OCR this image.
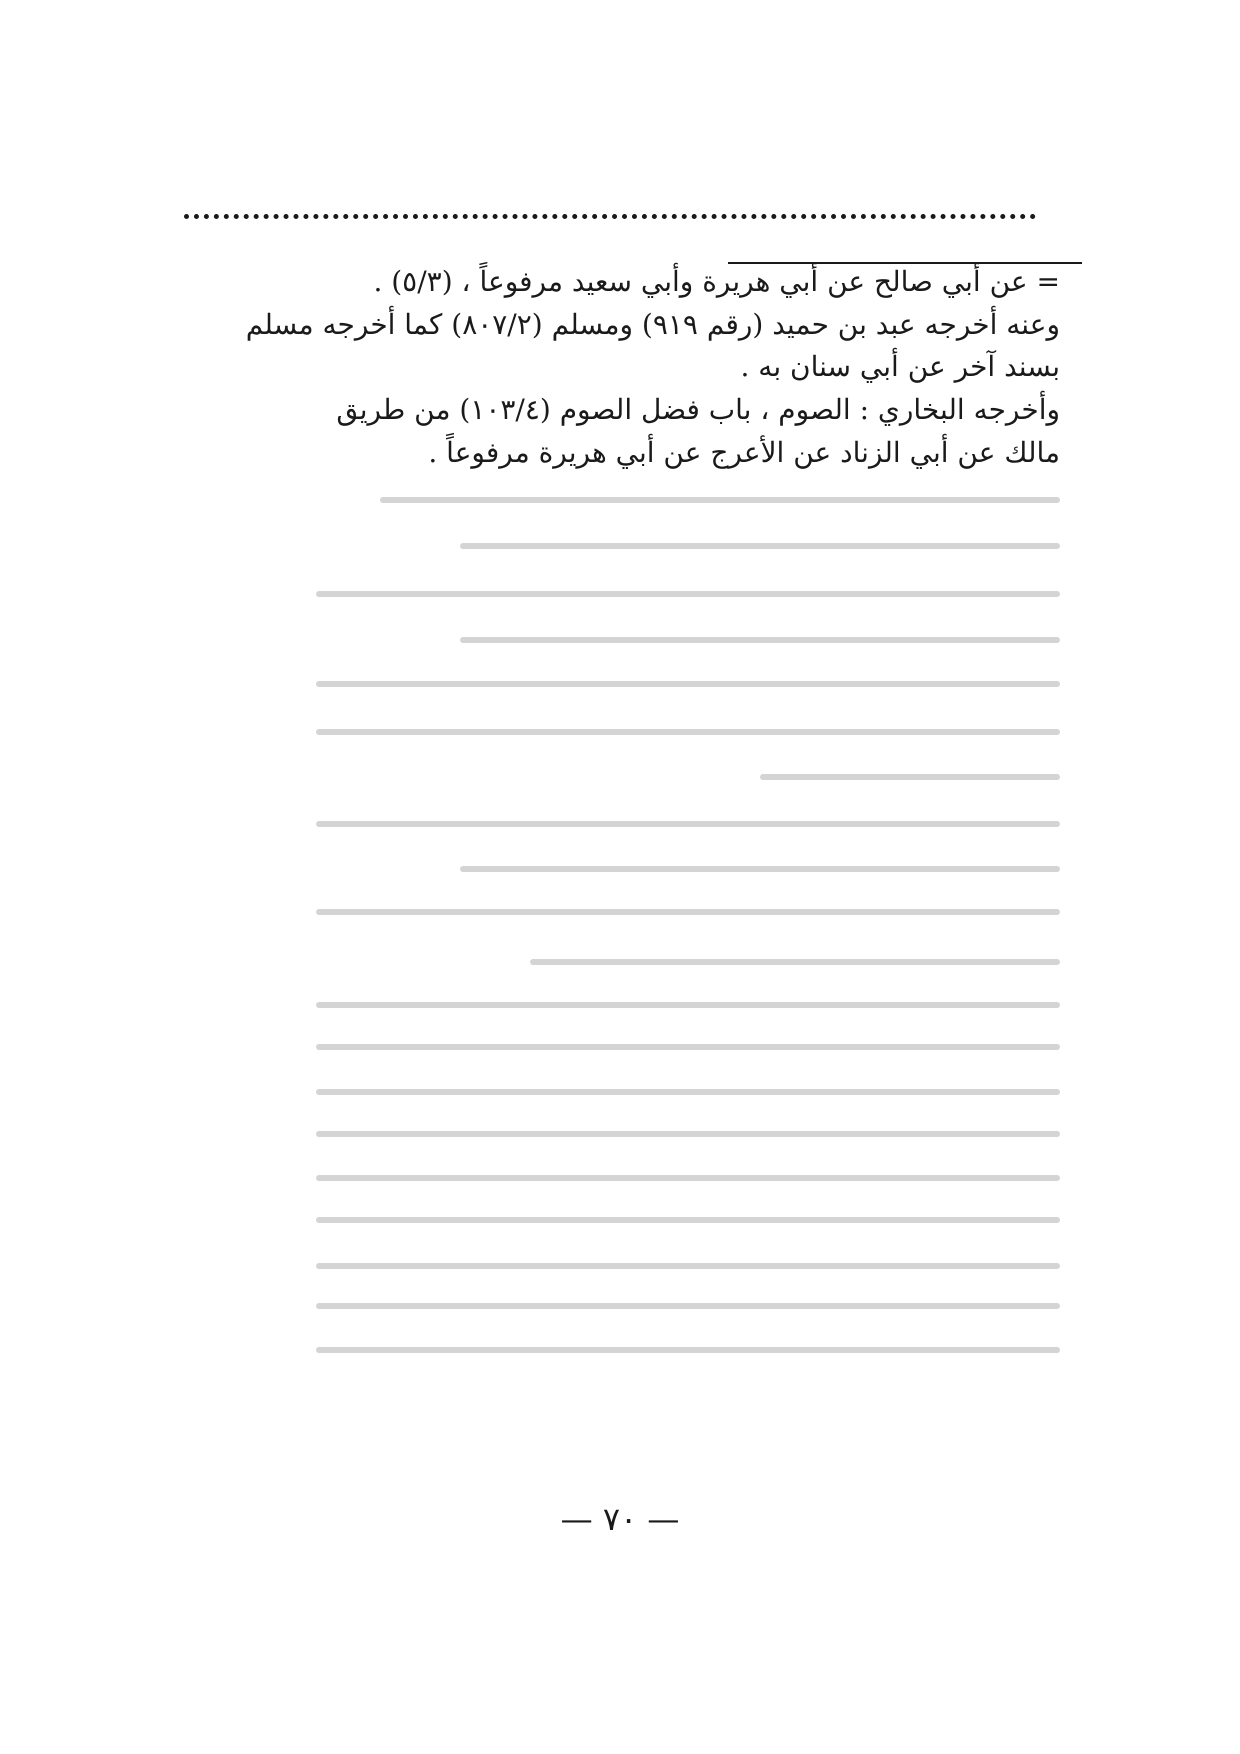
= عن أبي صالح عن أبي هريرة وأبي سعيد مرفوعاً ، (٥/٣) .
وعنه أخرجه عبد بن حميد (رقم ٩١٩) ومسلم (٨٠٧/٢) كما أخرجه مسلم
بسند آخر عن أبي سنان به .
وأخرجه البخاري : الصوم ، باب فضل الصوم (١٠٣/٤) من طريق
مالك عن أبي الزناد عن الأعرج عن أبي هريرة مرفوعاً .
— ٧٠ —
